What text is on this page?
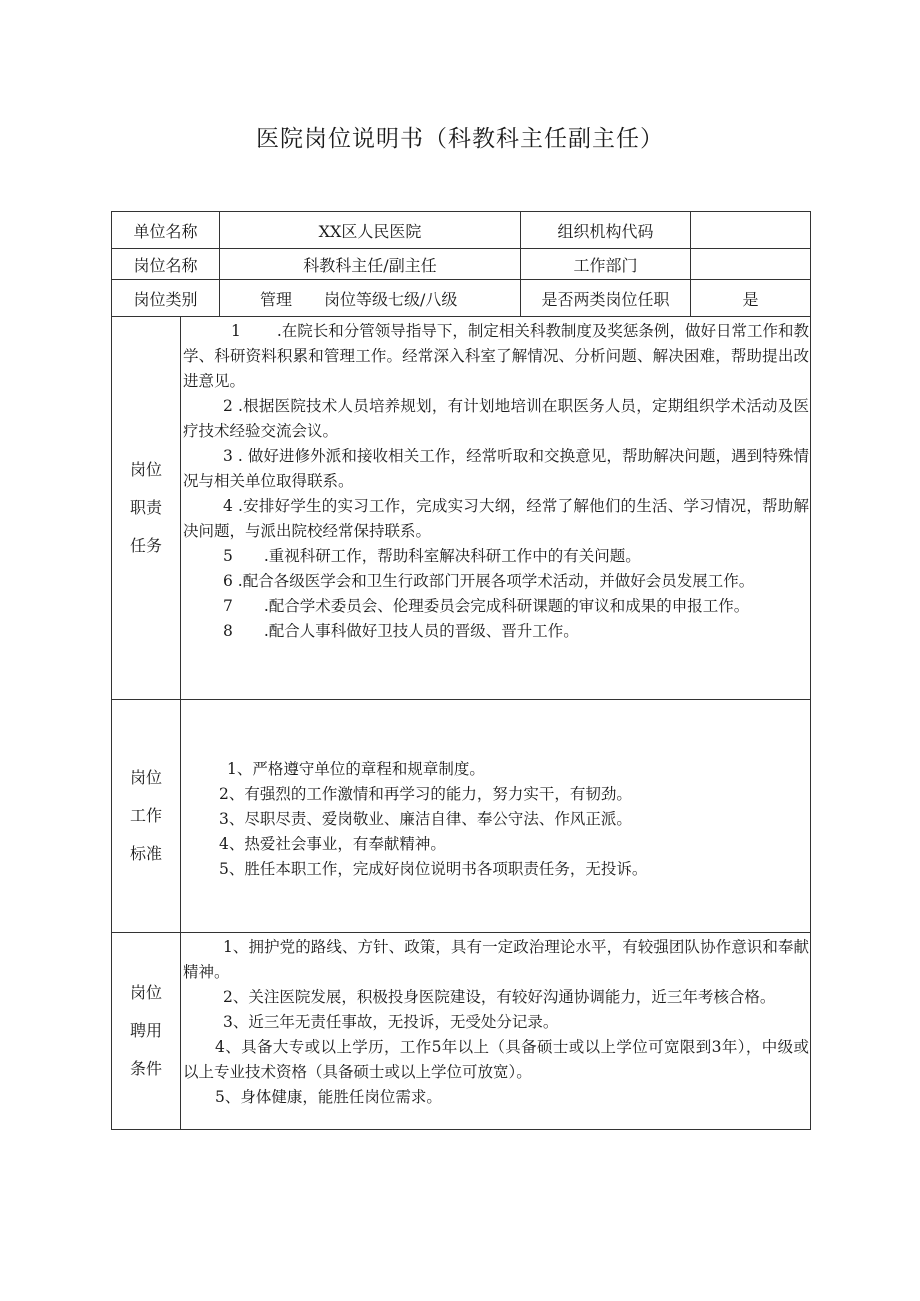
医院岗位说明书（科教科主任副主任）
单位名称	XX区人民医院	组织机构代码
岗位名称	科教科主任/副主任	工作部门
岗位类别	管理　　岗位等级七级/八级	是否两类岗位任职	是
岗位
职责
任务

1　　 .在院长和分管领导指导下，制定相关科教制度及奖惩条例，做好日常工作和教学、科研资料积累和管理工作。经常深入科室了解情况、分析问题、解决困难，帮助提出改进意见。

2 .根据医院技术人员培养规划，有计划地培训在职医务人员，定期组织学术活动及医疗技术经验交流会议。

3 . 做好进修外派和接收相关工作，经常听取和交换意见，帮助解决问题，遇到特殊情况与相关单位取得联系。

4 .安排好学生的实习工作，完成实习大纲，经常了解他们的生活、学习情况，帮助解决问题，与派出院校经常保持联系。

5　　.重视科研工作，帮助科室解决科研工作中的有关问题。

6 .配合各级医学会和卫生行政部门开展各项学术活动，并做好会员发展工作。

7　　.配合学术委员会、伦理委员会完成科研课题的审议和成果的申报工作。

8　　.配合人事科做好卫技人员的晋级、晋升工作。

岗位
工作
标准

1、严格遵守单位的章程和规章制度。

2、有强烈的工作激情和再学习的能力，努力实干，有韧劲。

3、尽职尽责、爱岗敬业、廉洁自律、奉公守法、作风正派。

4、热爱社会事业，有奉献精神。

5、胜任本职工作，完成好岗位说明书各项职责任务，无投诉。

岗位
聘用
条件

1、拥护党的路线、方针、政策，具有一定政治理论水平，有较强团队协作意识和奉献精神。

2、关注医院发展，积极投身医院建设，有较好沟通协调能力，近三年考核合格。

3、近三年无责任事故，无投诉，无受处分记录。

4、具备大专或以上学历，工作5年以上（具备硕士或以上学位可宽限到3年），中级或以上专业技术资格（具备硕士或以上学位可放宽）。

5、身体健康，能胜任岗位需求。
